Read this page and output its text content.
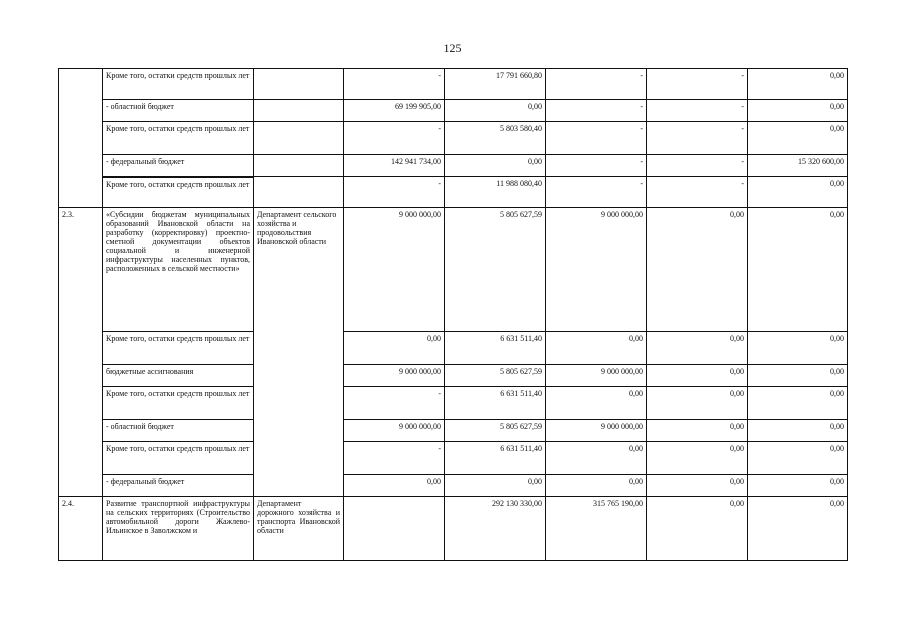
125
	Кроме того, остатки средств прошлых лет		-	17 791 660,80	-	-	0,00
	- областной бюджет		69 199 905,00	0,00	-	-	0,00
	Кроме того, остатки средств прошлых лет		-	5 803 580,40	-	-	0,00
	- федеральный бюджет		142 941 734,00	0,00	-	-	15 320 600,00
	Кроме того, остатки средств прошлых лет		-	11 988 080,40	-	-	0,00
2.3.	«Субсидии бюджетам муниципальных образований Ивановской области на разработку (корректировку) проектно-сметной документации объектов социальной и инженерной инфраструктуры населенных пунктов, расположенных в сельской местности»	Департамент сельского хозяйства и продовольствия Ивановской области	9 000 000,00	5 805 627,59	9 000 000,00	0,00	0,00
	Кроме того, остатки средств прошлых лет		0,00	6 631 511,40	0,00	0,00	0,00
	бюджетные ассигнования		9 000 000,00	5 805 627,59	9 000 000,00	0,00	0,00
	Кроме того, остатки средств прошлых лет		-	6 631 511,40	0,00	0,00	0,00
	- областной бюджет		9 000 000,00	5 805 627,59	9 000 000,00	0,00	0,00
	Кроме того, остатки средств прошлых лет		-	6 631 511,40	0,00	0,00	0,00
	- федеральный бюджет		0,00	0,00	0,00	0,00	0,00
2.4.	Развитие транспортной инфраструктуры на сельских территориях (Строительство автомобильной дороги Жажлево-Ильинское в Заволжском и	Департамент дорожного хозяйства и транспорта Ивановской области		292 130 330,00	315 765 190,00	0,00	0,00
